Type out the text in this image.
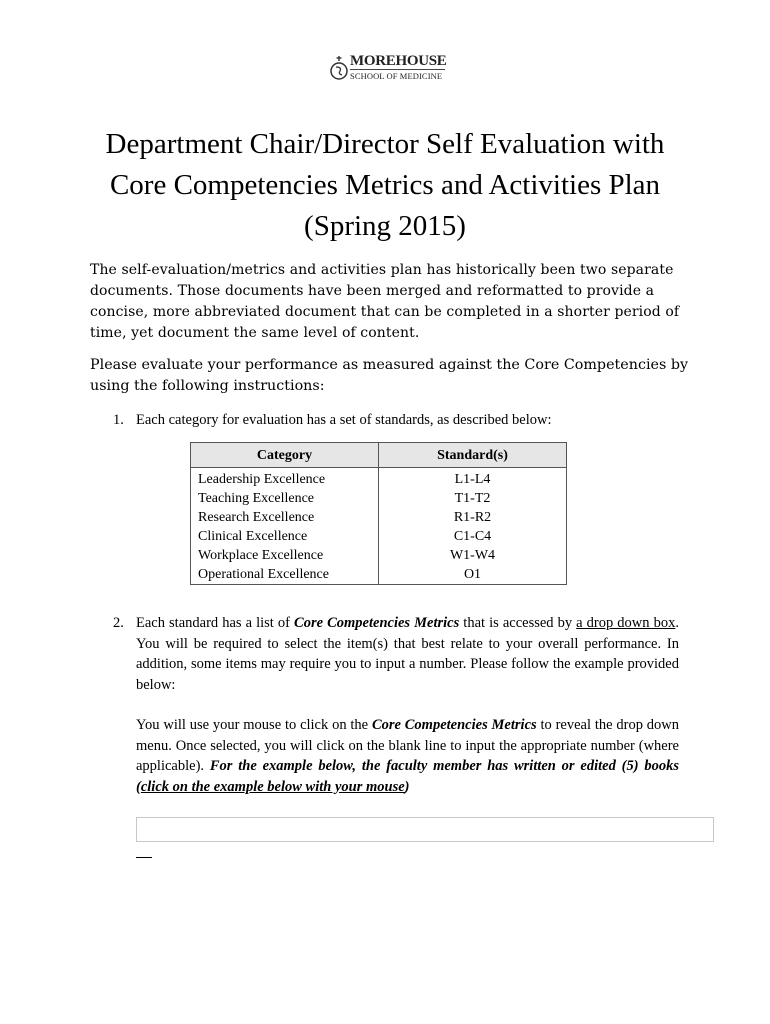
MOREHOUSE
SCHOOL OF MEDICINE
Department Chair/Director Self Evaluation with
Core Competencies Metrics and Activities Plan
(Spring 2015)
The self-evaluation/metrics and activities plan has historically been two separate documents. Those documents have been merged and reformatted to provide a concise, more abbreviated document that can be completed in a shorter period of time, yet document the same level of content.
Please evaluate your performance as measured against the Core Competencies by using the following instructions:
1. Each category for evaluation has a set of standards, as described below:
Category	Standard(s)
Leadership Excellence	L1-L4
Teaching Excellence	T1-T2
Research Excellence	R1-R2
Clinical Excellence	C1-C4
Workplace Excellence	W1-W4
Operational Excellence	O1
2. Each standard has a list of Core Competencies Metrics that is accessed by a drop down box. You will be required to select the item(s) that best relate to your overall performance. In addition, some items may require you to input a number. Please follow the example provided below:
You will use your mouse to click on the Core Competencies Metrics to reveal the drop down menu. Once selected, you will click on the blank line to input the appropriate number (where applicable). For the example below, the faculty member has written or edited (5) books (click on the example below with your mouse)
